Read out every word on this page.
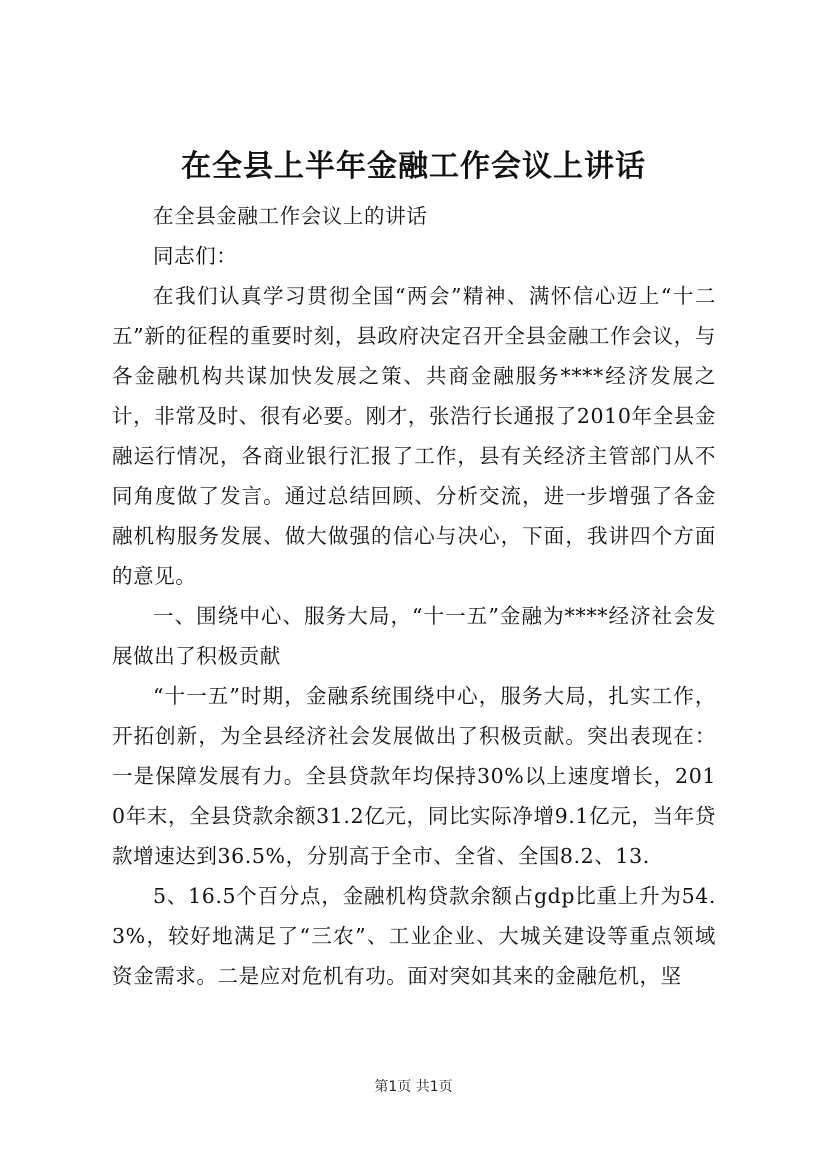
在全县上半年金融工作会议上讲话

在全县金融工作会议上的讲话

同志们：

在我们认真学习贯彻全国“两会”精神、满怀信心迈上“十二五”新的征程的重要时刻，县政府决定召开全县金融工作会议，与各金融机构共谋加快发展之策、共商金融服务****经济发展之计，非常及时、很有必要。刚才，张浩行长通报了2010年全县金融运行情况，各商业银行汇报了工作，县有关经济主管部门从不同角度做了发言。通过总结回顾、分析交流，进一步增强了各金融机构服务发展、做大做强的信心与决心，下面，我讲四个方面的意见。

一、围绕中心、服务大局，“十一五”金融为****经济社会发展做出了积极贡献

“十一五”时期，金融系统围绕中心，服务大局，扎实工作，开拓创新，为全县经济社会发展做出了积极贡献。突出表现在：一是保障发展有力。全县贷款年均保持30%以上速度增长，2010年末，全县贷款余额31.2亿元，同比实际净增9.1亿元，当年贷款增速达到36.5%，分别高于全市、全省、全国8.2、13.

5、16.5个百分点，金融机构贷款余额占gdp比重上升为54.3%，较好地满足了“三农”、工业企业、大城关建设等重点领域资金需求。二是应对危机有功。面对突如其来的金融危机，坚

第1页 共1页
